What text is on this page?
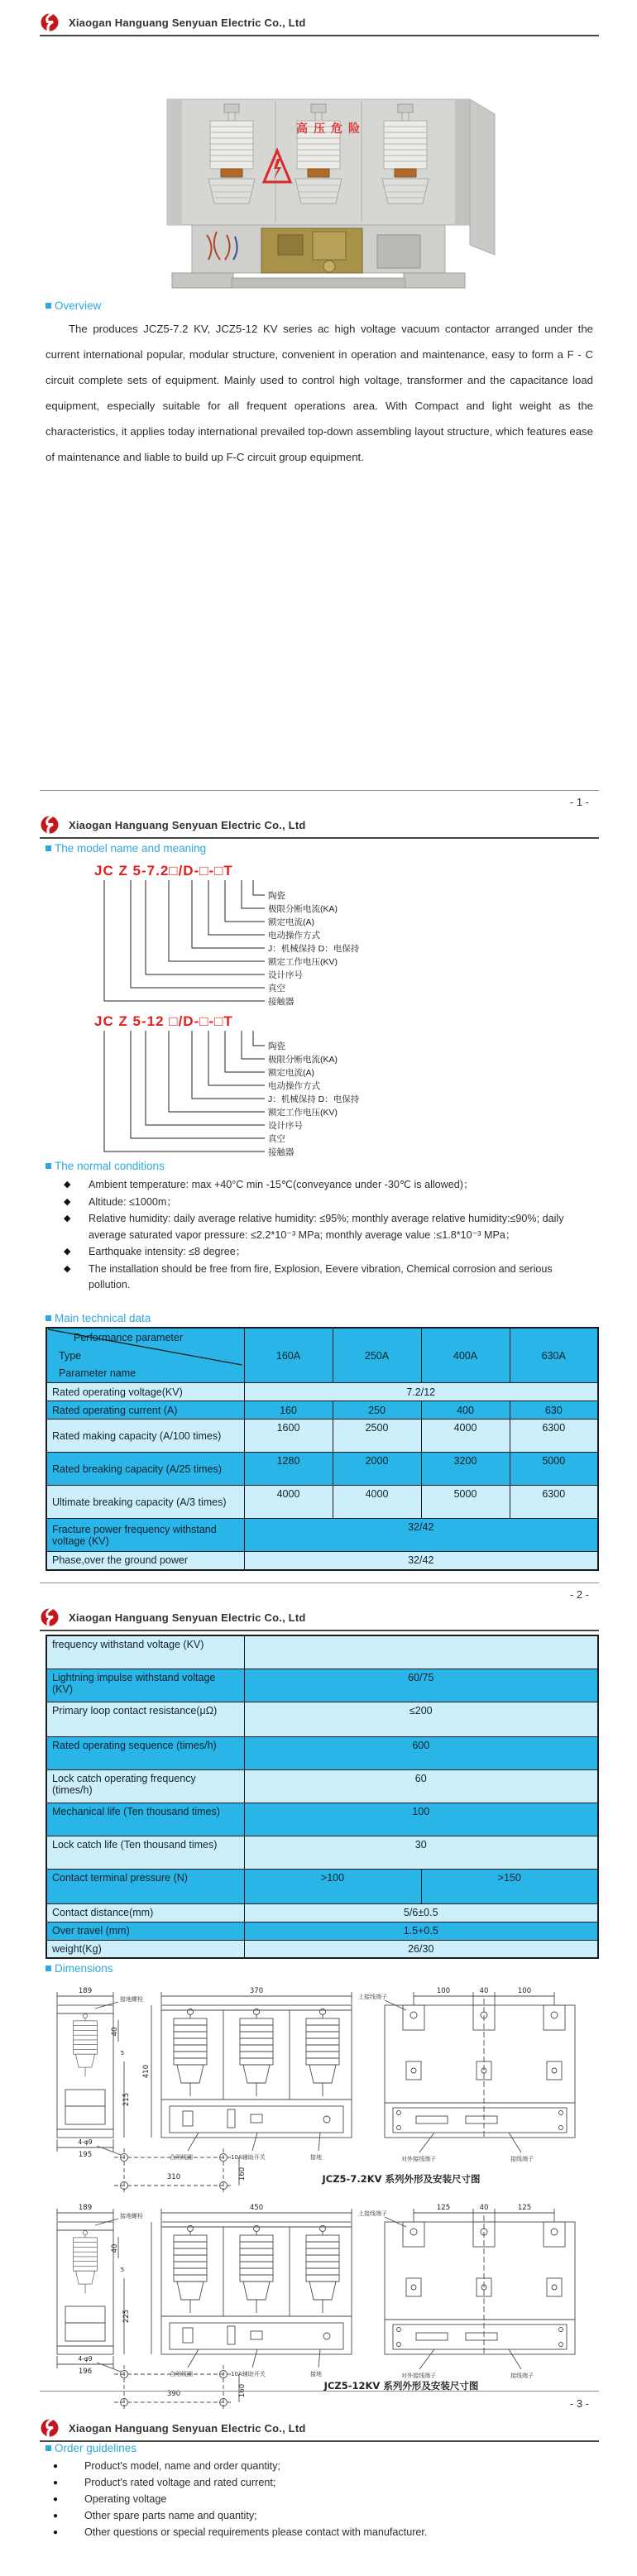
Xiaogan Hanguang Senyuan Electric Co., Ltd
高压危险
Overview

The produces JCZ5-7.2 KV, JCZ5-12 KV series ac high voltage vacuum contactor arranged under the current international popular, modular structure, convenient in operation and maintenance, easy to form a F - C circuit complete sets of equipment. Mainly used to control high voltage, transformer and the capacitance load equipment, especially suitable for all frequent operations area. With Compact and light weight as the characteristics, it applies today international prevailed top-down assembling layout structure, which features ease of maintenance and liable to build up F-C circuit group equipment.

- 1 -
Xiaogan Hanguang Senyuan Electric Co., Ltd
The model name and meaning
JC Z 5-7.2□/D-□-□T
陶瓷
极限分断电流(KA)
额定电流(A)
电动操作方式
J：机械保持 D：电保持
额定工作电压(KV)
设计序号
真空
接触器
JC Z 5-12 □/D-□-□T
陶瓷
极限分断电流(KA)
额定电流(A)
电动操作方式
J：机械保持 D：电保持
额定工作电压(KV)
设计序号
真空
接触器
The normal conditions
◆ Ambient temperature: max +40°C min -15℃(conveyance under -30℃ is allowed)；
◆ Altitude: ≤1000m；
◆ Relative humidity: daily average relative humidity: ≤95%; monthly average relative humidity:≤90%; daily average saturated vapor pressure: ≤2.2*10⁻³ MPa; monthly average value :≤1.8*10⁻³ MPa；
◆ Earthquake intensity: ≤8 degree；
◆ The installation should be free from fire, Explosion, Eevere vibration, Chemical corrosion and serious pollution.
Main technical data
Performance parameter
Type
Parameter name	160A	250A	400A	630A
Rated operating voltage(KV)	7.2/12			
Rated operating current (A)	160	250	400	630
Rated making capacity (A/100 times)	1600	2500	4000	6300
Rated breaking capacity (A/25 times)	1280	2000	3200	5000
Ultimate breaking capacity (A/3 times)	4000	4000	5000	6300
Fracture power frequency withstand voltage (KV)	32/42			
Phase,over the ground power	32/42			
- 2 -
Xiaogan Hanguang Senyuan Electric Co., Ltd
frequency withstand voltage (KV)		
Lightning impulse withstand voltage (KV)	60/75	
Primary loop contact resistance(μΩ)	≤200	
Rated operating sequence (times/h)	600	
Lock catch operating frequency (times/h)	60	
Mechanical life (Ten thousand times)	100	
Lock catch life (Ten thousand times)	30	
Contact terminal pressure (N)	>100	>150
Contact distance(mm)	5/6±0.5	
Over travel (mm)	1.5+0.5	
weight(Kg)	26/30	
Dimensions
189
195
215
40
5
370
410
100	40	100
160
310
4-φ9
接地螺栓	上接线端子
合闸线圈	10A辅助开关	接地	对外接线端子	接线端子
JCZ5-7.2KV 系列外形及安装尺寸图
189
196
225
40
5
450	125	40	125
160
390
4-φ9
接地螺栓	上接线端子
合闸线圈	10A辅助开关	接地	对外接线端子	接线端子
JCZ5-12KV 系列外形及安装尺寸图
- 3 -
Xiaogan Hanguang Senyuan Electric Co., Ltd
Order guidelines
● Product's model, name and order quantity;
● Product's rated voltage and rated current;
● Operating voltage
● Other spare parts name and quantity;
● Other questions or special requirements please contact with manufacturer.
